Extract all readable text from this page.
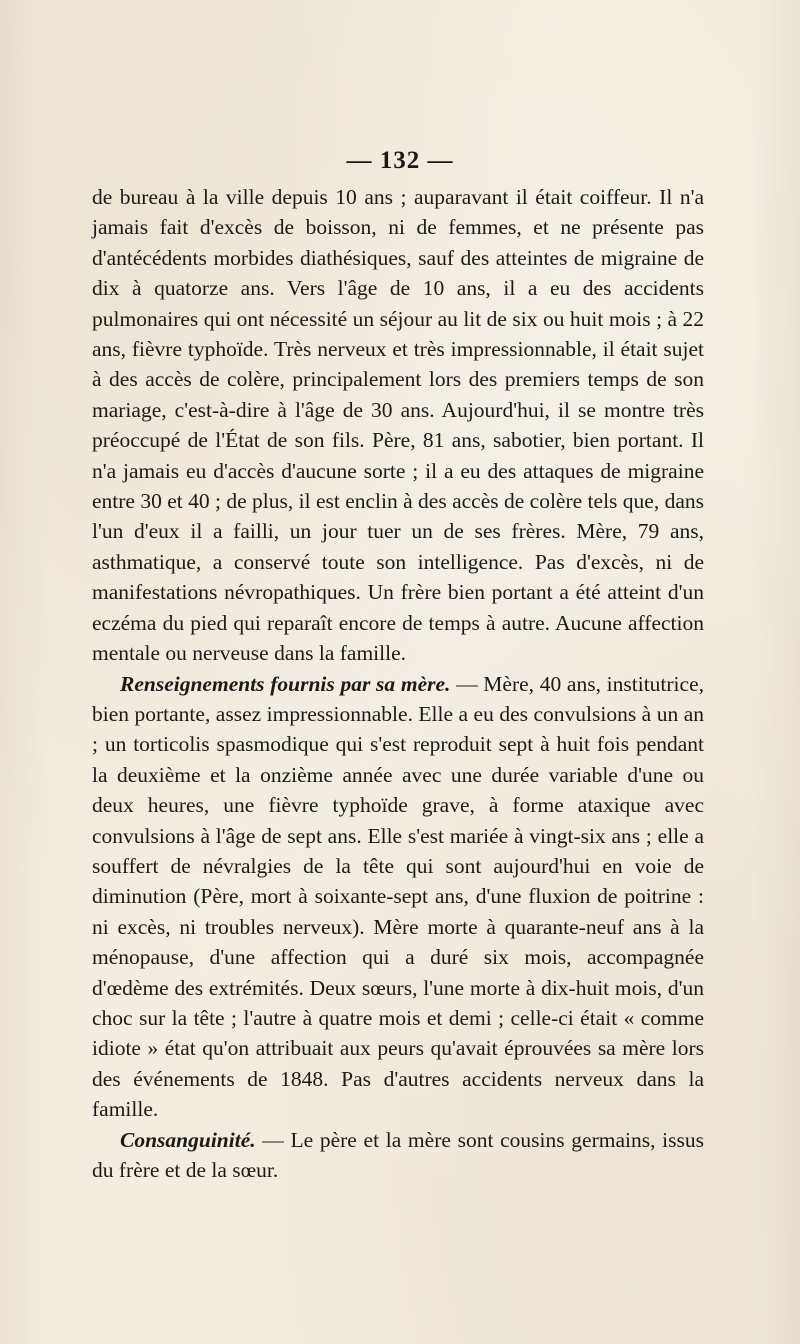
— 132 —

de bureau à la ville depuis 10 ans ; auparavant il était coiffeur. Il n'a jamais fait d'excès de boisson, ni de femmes, et ne présente pas d'antécédents morbides diathésiques, sauf des atteintes de migraine de dix à quatorze ans. Vers l'âge de 10 ans, il a eu des accidents pulmonaires qui ont nécessité un séjour au lit de six ou huit mois ; à 22 ans, fièvre typhoïde. Très nerveux et très impressionnable, il était sujet à des accès de colère, principalement lors des premiers temps de son mariage, c'est-à-dire à l'âge de 30 ans. Aujourd'hui, il se montre très préoccupé de l'État de son fils. Père, 81 ans, sabotier, bien portant. Il n'a jamais eu d'accès d'aucune sorte ; il a eu des attaques de migraine entre 30 et 40 ; de plus, il est enclin à des accès de colère tels que, dans l'un d'eux il a failli, un jour tuer un de ses frères. Mère, 79 ans, asthmatique, a conservé toute son intelligence. Pas d'excès, ni de manifestations névropathiques. Un frère bien portant a été atteint d'un eczéma du pied qui reparaît encore de temps à autre. Aucune affection mentale ou nerveuse dans la famille.

Renseignements fournis par sa mère. — Mère, 40 ans, institutrice, bien portante, assez impressionnable. Elle a eu des convulsions à un an ; un torticolis spasmodique qui s'est reproduit sept à huit fois pendant la deuxième et la onzième année avec une durée variable d'une ou deux heures, une fièvre typhoïde grave, à forme ataxique avec convulsions à l'âge de sept ans. Elle s'est mariée à vingt-six ans ; elle a souffert de névralgies de la tête qui sont aujourd'hui en voie de diminution (Père, mort à soixante-sept ans, d'une fluxion de poitrine : ni excès, ni troubles nerveux). Mère morte à quarante-neuf ans à la ménopause, d'une affection qui a duré six mois, accompagnée d'œdème des extrémités. Deux sœurs, l'une morte à dix-huit mois, d'un choc sur la tête ; l'autre à quatre mois et demi ; celle-ci était « comme idiote » état qu'on attribuait aux peurs qu'avait éprouvées sa mère lors des événements de 1848. Pas d'autres accidents nerveux dans la famille.

Consanguinité. — Le père et la mère sont cousins germains, issus du frère et de la sœur.
